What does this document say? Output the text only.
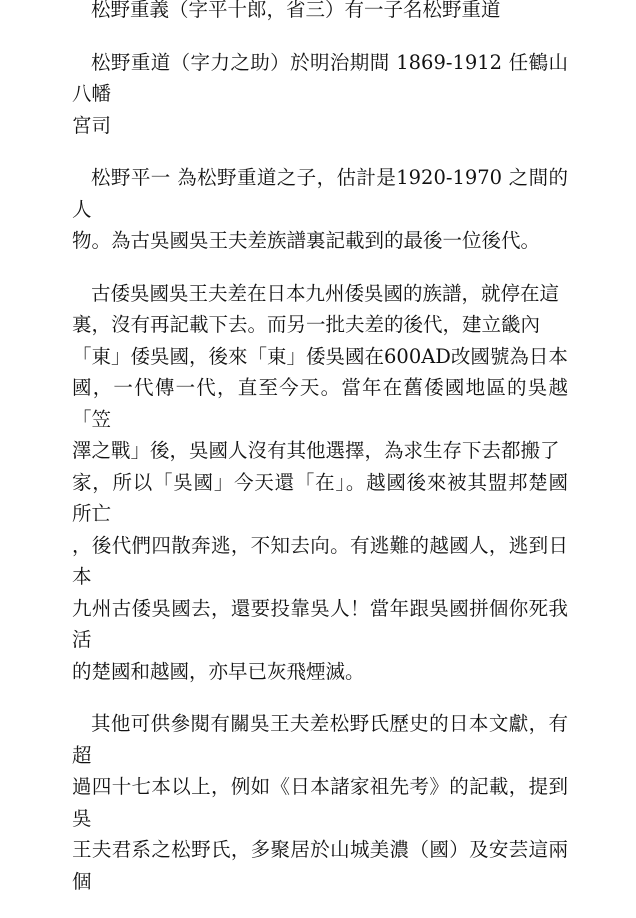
松野重義（字平十郎，省三）有一子名松野重道

松野重道（字力之助）於明治期間 1869-1912 任鶴山八幡
宮司

松野平一 為松野重道之子，估計是1920-1970 之間的人
物。為古吳國吳王夫差族譜裏記載到的最後一位後代。

古倭吳國吳王夫差在日本九州倭吳國的族譜，就停在這
裏，沒有再記載下去。而另一批夫差的後代，建立畿內
「東」倭吳國，後來「東」倭吳國在600AD改國號為日本
國，一代傳一代，直至今天。當年在舊倭國地區的吳越「笠
澤之戰」後，吳國人沒有其他選擇，為求生存下去都搬了
家，所以「吳國」今天還「在」。越國後來被其盟邦楚國所亡
，後代們四散奔逃，不知去向。有逃難的越國人，逃到日本
九州古倭吳國去，還要投靠吳人！當年跟吳國拼個你死我活
的楚國和越國，亦早已灰飛煙滅。

其他可供參閱有關吳王夫差松野氏歷史的日本文獻，有超
過四十七本以上，例如《日本諸家祖先考》的記載，提到吳
王夫君系之松野氏，多聚居於山城美濃（國）及安芸這兩個
